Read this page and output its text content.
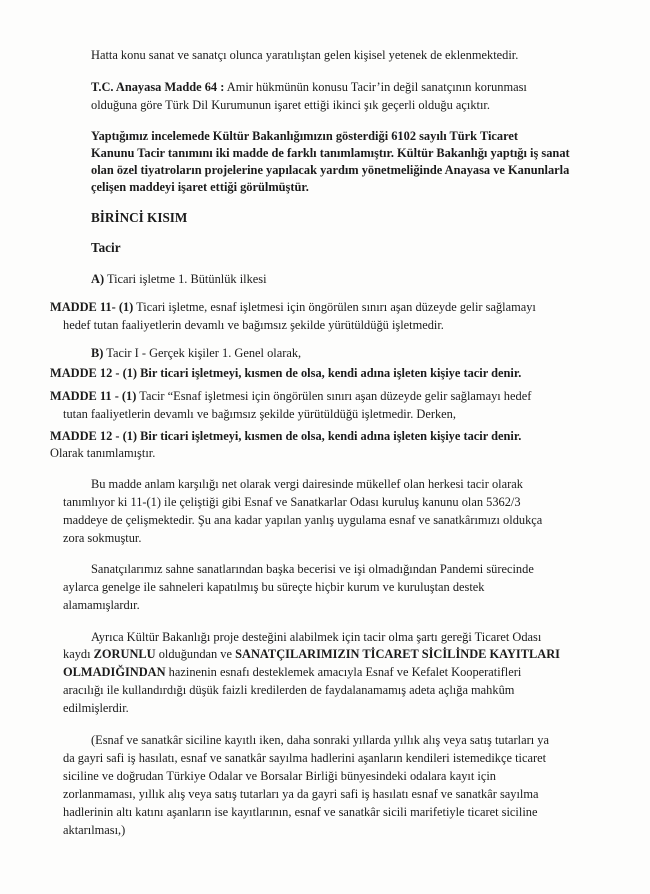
Hatta konu sanat ve sanatçı olunca yaratılıştan gelen kişisel yetenek de eklenmektedir.
T.C. Anayasa Madde 64 : Amir hükmünün konusu Tacir’in değil sanatçının korunması
olduğuna göre Türk Dil Kurumunun işaret ettiği ikinci şık geçerli olduğu açıktır.
Yaptığımız incelemede Kültür Bakanlığımızın gösterdiği 6102 sayılı Türk Ticaret
Kanunu Tacir tanımını iki madde de farklı tanımlamıştır. Kültür Bakanlığı yaptığı iş sanat
olan özel tiyatroların projelerine yapılacak yardım yönetmeliğinde Anayasa ve Kanunlarla
çelişen maddeyi işaret ettiği görülmüştür.
BİRİNCİ KISIM
Tacir
A) Ticari işletme 1. Bütünlük ilkesi
MADDE 11- (1) Ticari işletme, esnaf işletmesi için öngörülen sınırı aşan düzeyde gelir sağlamayı
hedef tutan faaliyetlerin devamlı ve bağımsız şekilde yürütüldüğü işletmedir.
B) Tacir I - Gerçek kişiler 1. Genel olarak,
MADDE 12 - (1) Bir ticari işletmeyi, kısmen de olsa, kendi adına işleten kişiye tacir denir.
MADDE 11 - (1) Tacir “Esnaf işletmesi için öngörülen sınırı aşan düzeyde gelir sağlamayı hedef
tutan faaliyetlerin devamlı ve bağımsız şekilde yürütüldüğü işletmedir. Derken,
MADDE 12 - (1) Bir ticari işletmeyi, kısmen de olsa, kendi adına işleten kişiye tacir denir.
Olarak tanımlamıştır.
Bu madde anlam karşılığı net olarak vergi dairesinde mükellef olan herkesi tacir olarak
tanımlıyor ki 11-(1) ile çeliştiği gibi Esnaf ve Sanatkarlar Odası kuruluş kanunu olan 5362/3
maddeye de çelişmektedir. Şu ana kadar yapılan yanlış uygulama esnaf ve sanatkârımızı oldukça
zora sokmuştur.
Sanatçılarımız sahne sanatlarından başka becerisi ve işi olmadığından Pandemi sürecinde
aylarca genelge ile sahneleri kapatılmış bu süreçte hiçbir kurum ve kuruluştan destek
alamamışlardır.
Ayrıca Kültür Bakanlığı proje desteğini alabilmek için tacir olma şartı gereği Ticaret Odası
kaydı ZORUNLU olduğundan ve SANATÇILARIMIZIN TİCARET SİCİLİNDE KAYITLARI
OLMADIĞINDAN hazinenin esnafı desteklemek amacıyla Esnaf ve Kefalet Kooperatifleri
aracılığı ile kullandırdığı düşük faizli kredilerden de faydalanamamış adeta açlığa mahkûm
edilmişlerdir.
(Esnaf ve sanatkâr siciline kayıtlı iken, daha sonraki yıllarda yıllık alış veya satış tutarları ya
da gayri safi iş hasılatı, esnaf ve sanatkâr sayılma hadlerini aşanların kendileri istemedikçe ticaret
siciline ve doğrudan Türkiye Odalar ve Borsalar Birliği bünyesindeki odalara kayıt için
zorlanmaması, yıllık alış veya satış tutarları ya da gayri safi iş hasılatı esnaf ve sanatkâr sayılma
hadlerinin altı katını aşanların ise kayıtlarının, esnaf ve sanatkâr sicili marifetiyle ticaret siciline
aktarılması,)
